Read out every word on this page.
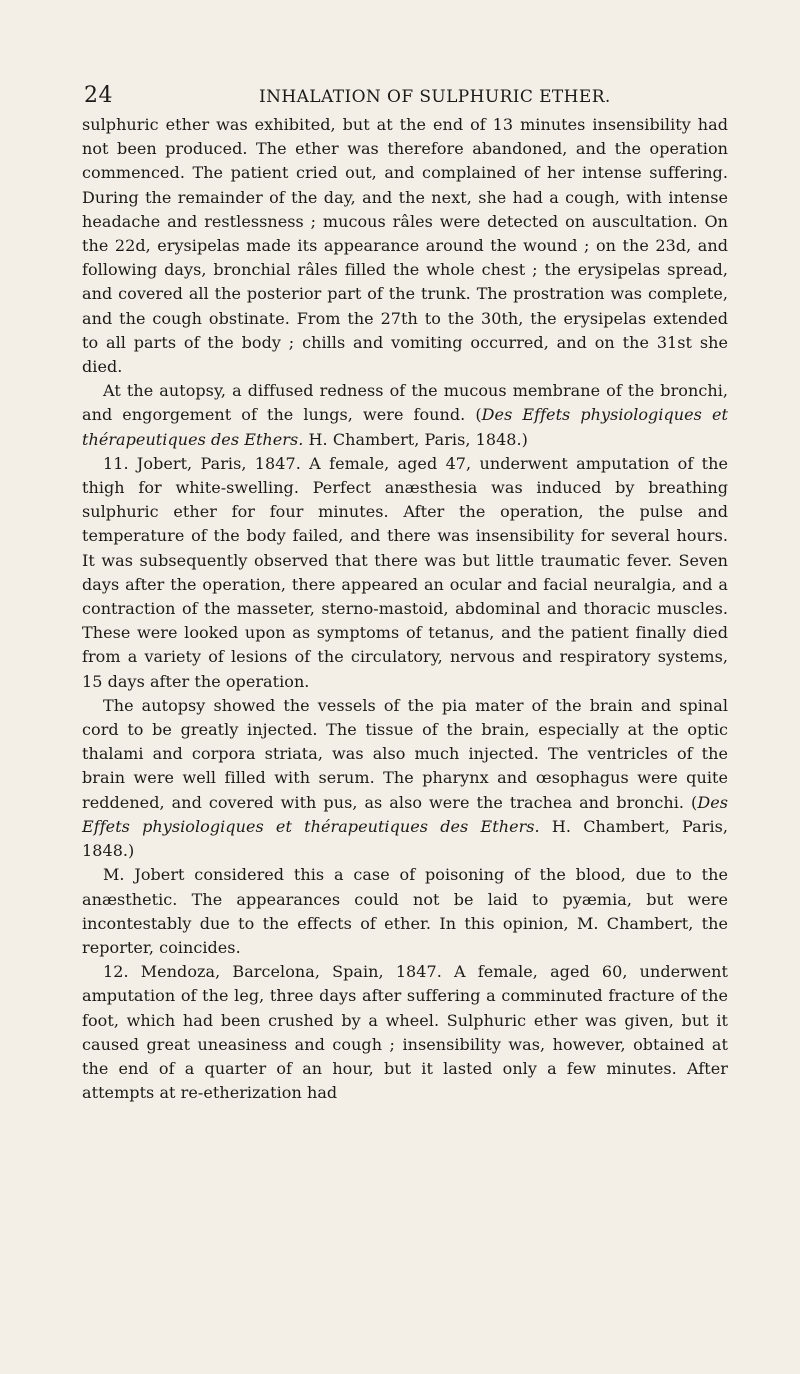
24	INHALATION OF SULPHURIC ETHER.

sulphuric ether was exhibited, but at the end of 13 minutes insensibility had not been produced. The ether was therefore abandoned, and the operation commenced. The patient cried out, and complained of her intense suffering. During the remainder of the day, and the next, she had a cough, with intense headache and restlessness ; mucous râles were detected on auscultation. On the 22d, erysipelas made its appearance around the wound ; on the 23d, and following days, bronchial râles filled the whole chest ; the erysipelas spread, and covered all the posterior part of the trunk. The prostration was complete, and the cough obstinate. From the 27th to the 30th, the erysipelas extended to all parts of the body ; chills and vomiting occurred, and on the 31st she died.

At the autopsy, a diffused redness of the mucous membrane of the bronchi, and engorgement of the lungs, were found. (Des Effets physiologiques et thérapeutiques des Ethers. H. Chambert, Paris, 1848.)

11. Jobert, Paris, 1847. A female, aged 47, underwent amputation of the thigh for white-swelling. Perfect anæsthesia was induced by breathing sulphuric ether for four minutes. After the operation, the pulse and temperature of the body failed, and there was insensibility for several hours. It was subsequently observed that there was but little traumatic fever. Seven days after the operation, there appeared an ocular and facial neuralgia, and a contraction of the masseter, sterno-mastoid, abdominal and thoracic muscles. These were looked upon as symptoms of tetanus, and the patient finally died from a variety of lesions of the circulatory, nervous and respiratory systems, 15 days after the operation.

The autopsy showed the vessels of the pia mater of the brain and spinal cord to be greatly injected. The tissue of the brain, especially at the optic thalami and corpora striata, was also much injected. The ventricles of the brain were well filled with serum. The pharynx and œsophagus were quite reddened, and covered with pus, as also were the trachea and bronchi. (Des Effets physiologiques et thérapeutiques des Ethers. H. Chambert, Paris, 1848.)

M. Jobert considered this a case of poisoning of the blood, due to the anæsthetic. The appearances could not be laid to pyæmia, but were incontestably due to the effects of ether. In this opinion, M. Chambert, the reporter, coincides.

12. Mendoza, Barcelona, Spain, 1847. A female, aged 60, underwent amputation of the leg, three days after suffering a comminuted fracture of the foot, which had been crushed by a wheel. Sulphuric ether was given, but it caused great uneasiness and cough ; insensibility was, however, obtained at the end of a quarter of an hour, but it lasted only a few minutes. After attempts at re-etherization had
